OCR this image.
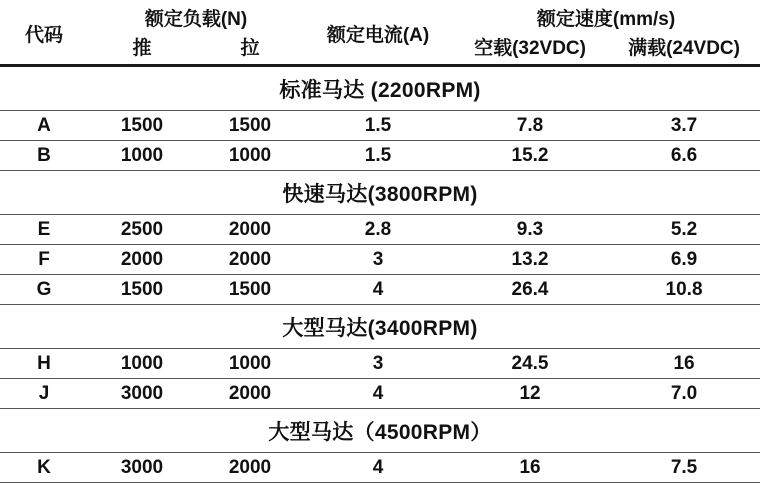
代码	额定负载(N)		额定电流(A)	额定速度(mm/s)	
	推	拉		空载(32VDC)	满载(24VDC)

标准马达 (2200RPM)					

A	1500	1500	1.5	7.8	3.7

B	1000	1000	1.5	15.2	6.6

快速马达(3800RPM)					

E	2500	2000	2.8	9.3	5.2

F	2000	2000	3	13.2	6.9

G	1500	1500	4	26.4	10.8

大型马达(3400RPM)					

H	1000	1000	3	24.5	16

J	3000	2000	4	12	7.0

大型马达（4500RPM）					

K	3000	2000	4	16	7.5
